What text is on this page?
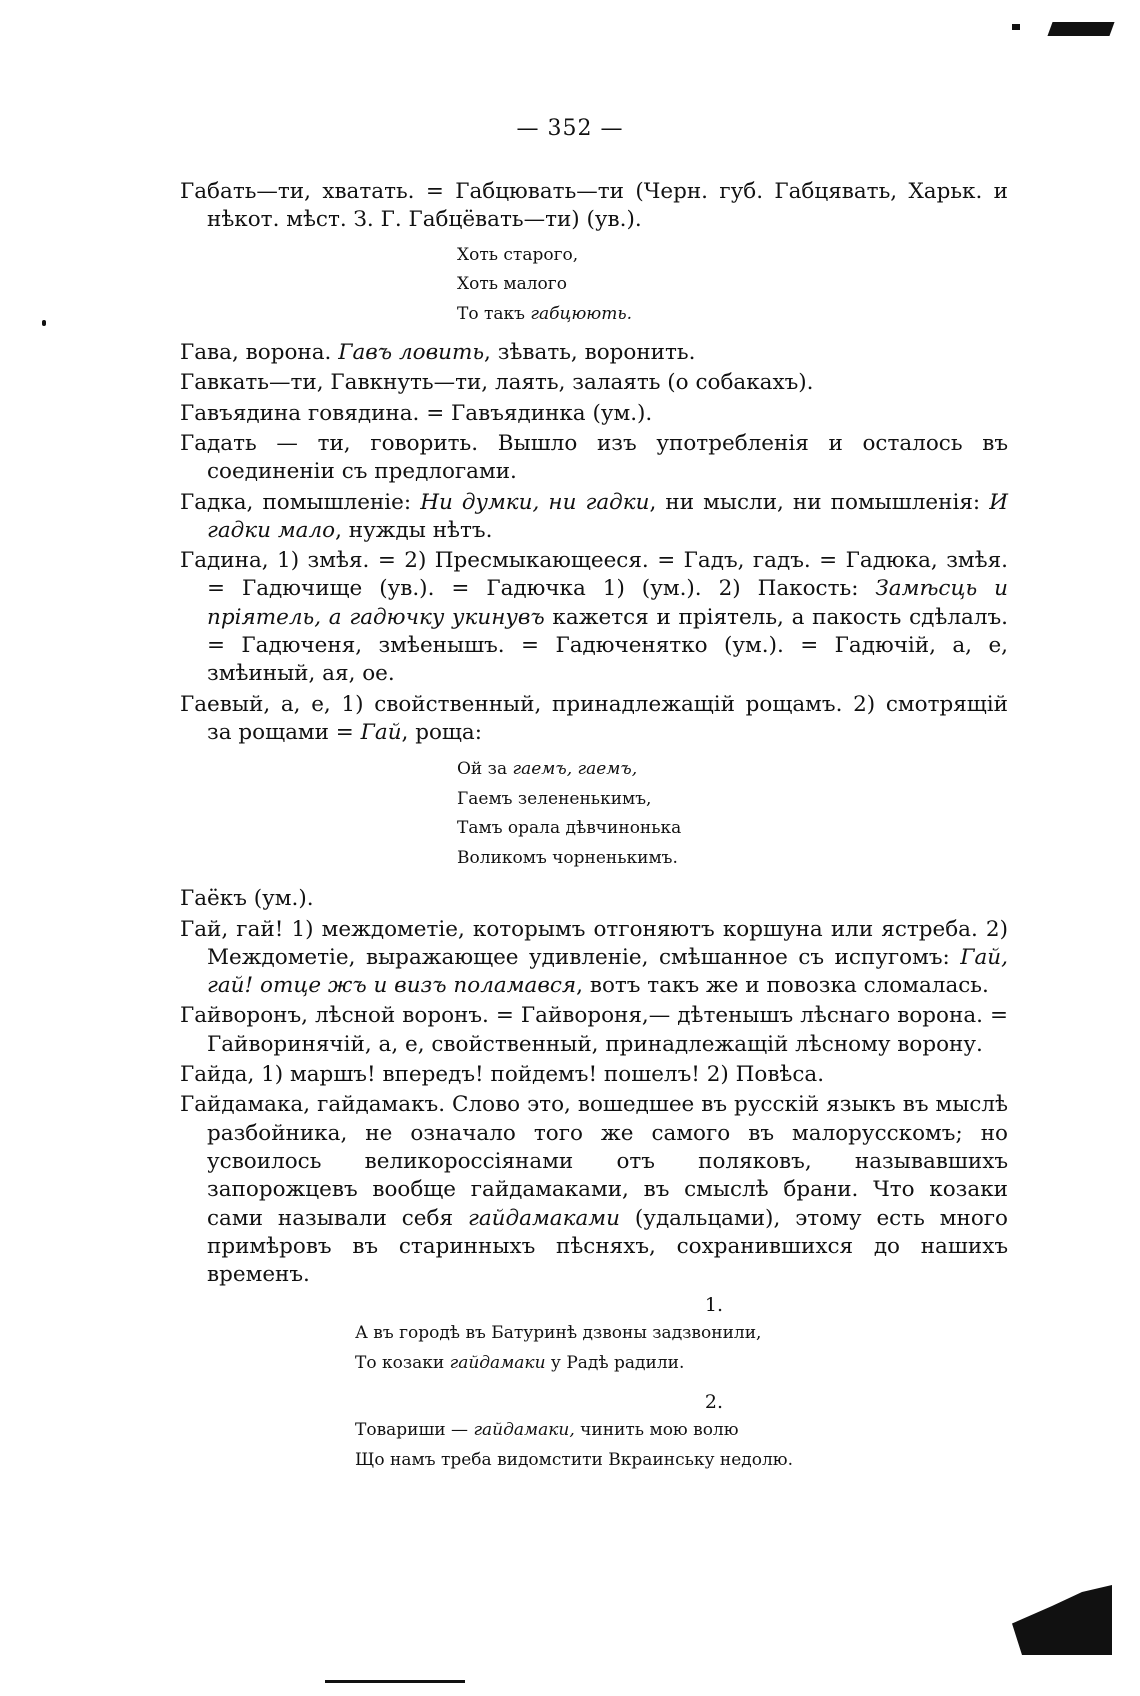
— 352 —

Габать—ти, хватать. = Габцювать—ти (Черн. губ. Габцявать, Харьк. и нѣкот. мѣст. З. Г. Габцёвать—ти) (ув.).

Хоть старого,
Хоть малого
То такъ габцюють.

Гава, ворона. Гавъ ловить, зѣвать, воронить.

Гавкать—ти, Гавкнуть—ти, лаять, залаять (о собакахъ).

Гавъядина говядина. = Гавъядинка (ум.).

Гадать — ти, говорить. Вышло изъ употребленія и осталось въ соединеніи съ предлогами.

Гадка, помышленіе: Ни думки, ни гадки, ни мысли, ни помышленія: И гадки мало, нужды нѣтъ.

Гадина, 1) змѣя. = 2) Пресмыкающееся. = Гадъ, гадъ. = Гадюка, змѣя. = Гадючище (ув.). = Гадючка 1) (ум.). 2) Пакость: Замѣсць и пріятель, а гадючку укинувъ кажется и пріятель, а пакость сдѣлалъ. = Гадюченя, змѣенышъ. = Гадюченятко (ум.). = Гадючій, а, е, змѣиный, ая, ое.

Гаевый, а, е, 1) свойственный, принадлежащій рощамъ. 2) смотрящій за рощами = Гай, роща:

Ой за гаемъ, гаемъ,
Гаемъ зелененькимъ,
Тамъ орала дѣвчинонька
Воликомъ чорненькимъ.

Гаёкъ (ум.).

Гай, гай! 1) междометіе, которымъ отгоняютъ коршуна или ястреба. 2) Междометіе, выражающее удивленіе, смѣшанное съ испугомъ: Гай, гай! отце жъ и визъ поламався, вотъ такъ же и повозка сломалась.

Гайворонъ, лѣсной воронъ. = Гайвороня,— дѣтенышъ лѣснаго ворона. = Гайворинячій, а, е, свойственный, принадлежащій лѣсному ворону.

Гайда, 1) маршъ! впередъ! пойдемъ! пошелъ! 2) Повѣса.

Гайдамака, гайдамакъ. Слово это, вошедшее въ русскій языкъ въ мыслѣ разбойника, не означало того же самого въ малорусскомъ; но усвоилось великороссіянами отъ поляковъ, называвшихъ запорожцевъ вообще гайдамаками, въ смыслѣ брани. Что козаки сами называли себя гайдамаками (удальцами), этому есть много примѣровъ въ старинныхъ пѣсняхъ, сохранившихся до нашихъ временъ.

1.
А въ городѣ въ Батуринѣ дзвоны задзвонили,
То козаки гайдамаки у Радѣ радили.
2.
Товариши — гайдамаки, чинить мою волю
Що намъ треба видомстити Вкраинську недолю.
